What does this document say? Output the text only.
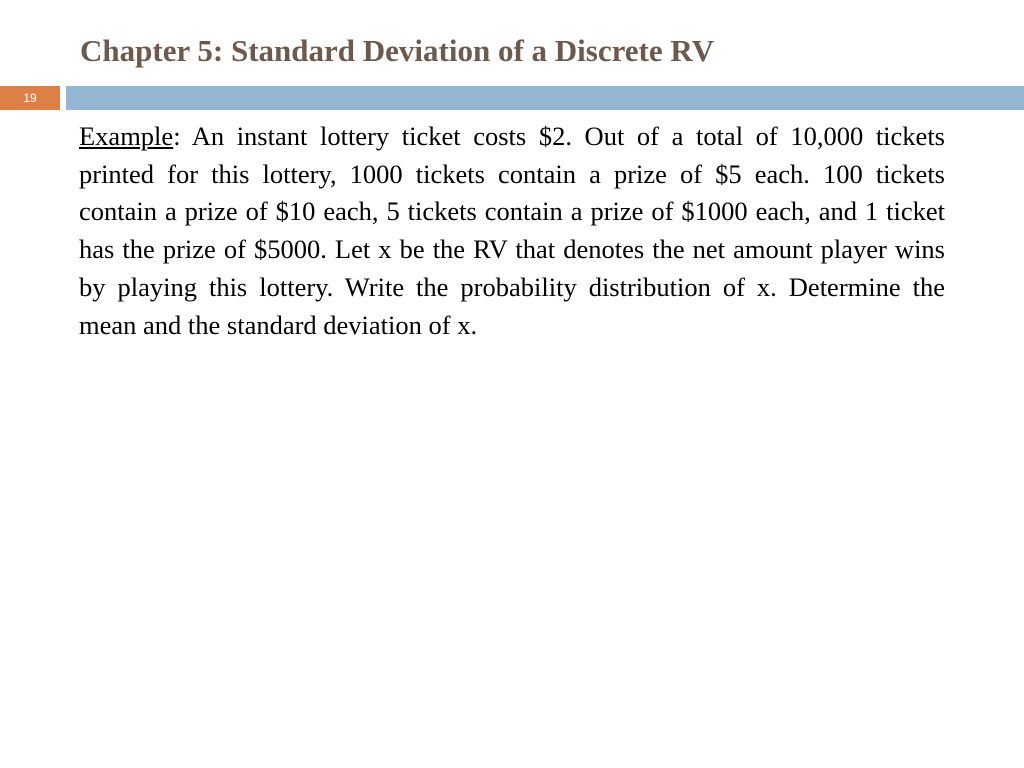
Chapter 5: Standard Deviation of a Discrete RV
19

Example: An instant lottery ticket costs $2. Out of a total of 10,000 tickets printed for this lottery, 1000 tickets contain a prize of $5 each. 100 tickets contain a prize of $10 each, 5 tickets contain a prize of $1000 each, and 1 ticket has the prize of $5000. Let x be the RV that denotes the net amount player wins by playing this lottery. Write the probability distribution of x. Determine the mean and the standard deviation of x.
